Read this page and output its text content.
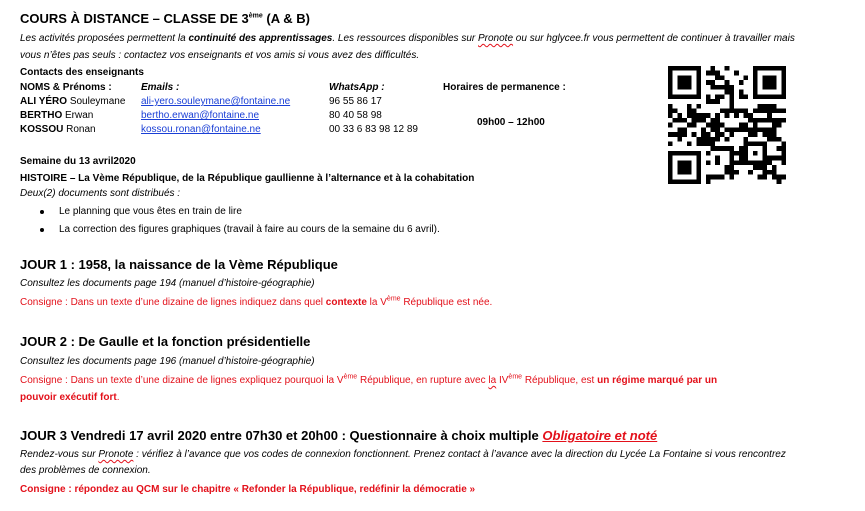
COURS À DISTANCE – CLASSE DE 3ème (A & B)
Les activités proposées permettent la continuité des apprentissages. Les ressources disponibles sur Pronote ou sur hglycee.fr vous permettent de continuer à travailler mais
vous n’êtes pas seuls : contactez vos enseignants et vos amis si vous avez des difficultés.
Contacts des enseignants
NOMS & Prénoms :	Emails :	WhatsApp :	Horaires de permanence :
ALI YÉRO Souleymane ali-yero.souleymane@fontaine.ne	96 55 86 17
BERTHO Erwan	bertho.erwan@fontaine.ne	80 40 58 98
KOSSOU Ronan	kossou.ronan@fontaine.ne	00 33 6 83 98 12 89
09h00 – 12h00
Semaine du 13 avril2020
HISTOIRE – La Vème République, de la République gaullienne à l’alternance et à la cohabitation
Deux(2) documents sont distribués :
Le planning que vous êtes en train de lire
La correction des figures graphiques (travail à faire au cours de la semaine du 6 avril).
JOUR 1 : 1958, la naissance de la Vème République
Consultez les documents page 194 (manuel d’histoire-géographie)
Consigne : Dans un texte d’une dizaine de lignes indiquez dans quel contexte la Vème République est née.
JOUR 2 : De Gaulle et la fonction présidentielle
Consultez les documents page 196 (manuel d’histoire-géographie)
Consigne : Dans un texte d’une dizaine de lignes expliquez pourquoi la Vème République, en rupture avec la IVème République, est un régime marqué par un
pouvoir exécutif fort.
JOUR 3 Vendredi 17 avril 2020 entre 07h30 et 20h00 : Questionnaire à choix multiple Obligatoire et noté
Rendez-vous sur Pronote : vérifiez à l’avance que vos codes de connexion fonctionnent. Prenez contact à l’avance avec la direction du Lycée La Fontaine si vous rencontrez
des problèmes de connexion.
Consigne : répondez au QCM sur le chapitre « Refonder la République, redéfinir la démocratie »
